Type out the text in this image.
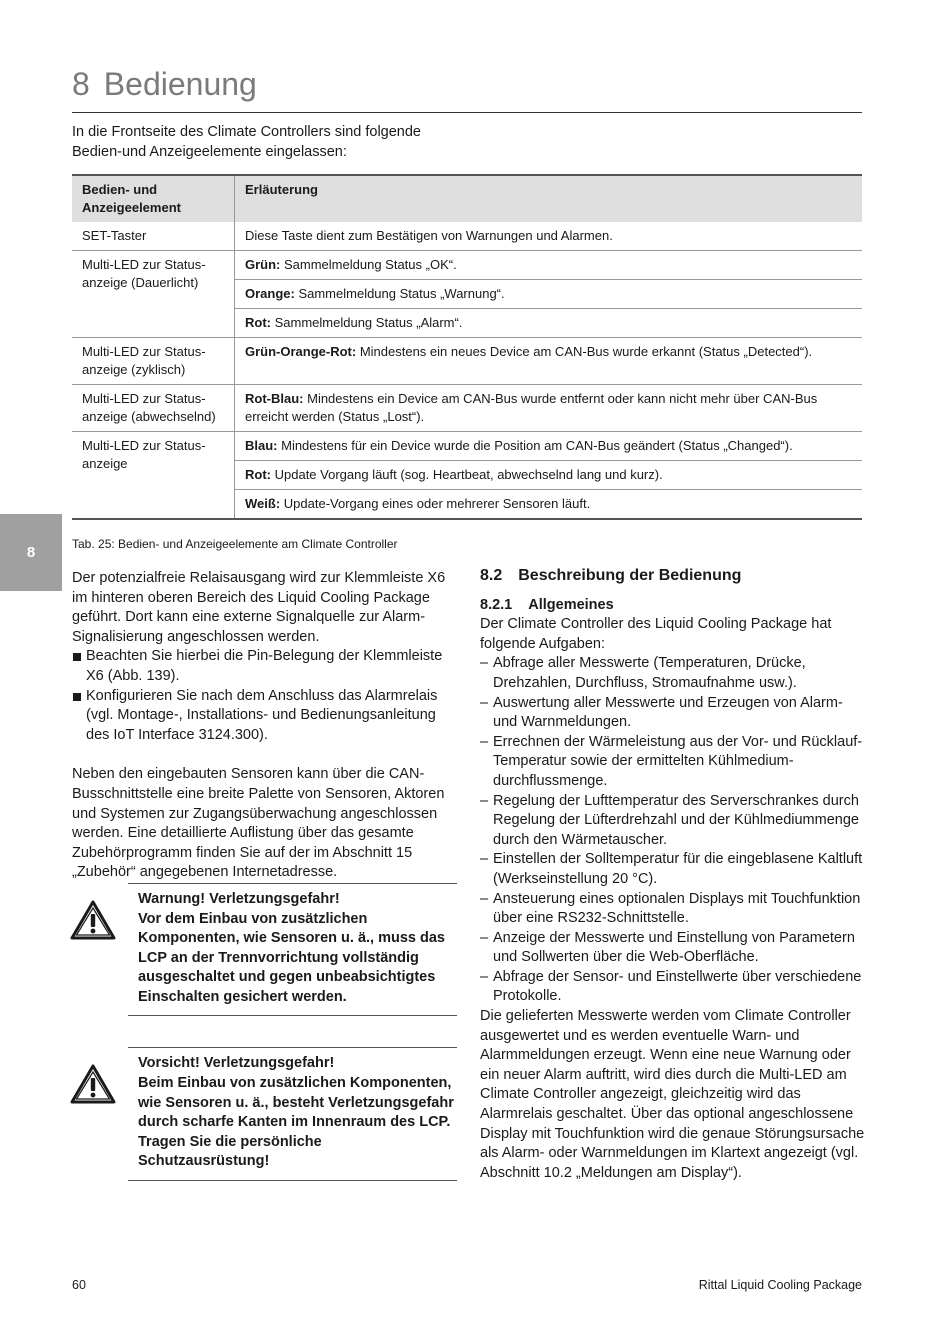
8 Bedienung

In die Frontseite des Climate Controllers sind folgende
Bedien-und Anzeigeelemente eingelassen:

Bedien- und Anzeigeelement	Erläuterung
SET-Taster	Diese Taste dient zum Bestätigen von Warnungen und Alarmen.
Multi-LED zur Status-anzeige (Dauerlicht)	Grün: Sammelmeldung Status „OK“.
	Orange: Sammelmeldung Status „Warnung“.
	Rot: Sammelmeldung Status „Alarm“.
Multi-LED zur Status-anzeige (zyklisch)	Grün-Orange-Rot: Mindestens ein neues Device am CAN-Bus wurde erkannt (Status „Detected“).
Multi-LED zur Status-anzeige (abwechselnd)	Rot-Blau: Mindestens ein Device am CAN-Bus wurde entfernt oder kann nicht mehr über CAN-Bus erreicht werden (Status „Lost“).
Multi-LED zur Status-anzeige	Blau: Mindestens für ein Device wurde die Position am CAN-Bus geändert (Status „Changed“).
	Rot: Update Vorgang läuft (sog. Heartbeat, abwechselnd lang und kurz).
	Weiß: Update-Vorgang eines oder mehrerer Sensoren läuft.

Tab. 25: Bedien- und Anzeigeelemente am Climate Controller

8

Der potenzialfreie Relaisausgang wird zur Klemmleiste X6 im hinteren oberen Bereich des Liquid Cooling Package geführt. Dort kann eine externe Signalquelle zur Alarm-Signalisierung angeschlossen werden.

Beachten Sie hierbei die Pin-Belegung der Klemmleiste X6 (Abb. 139).
Konfigurieren Sie nach dem Anschluss das Alarmrelais (vgl. Montage-, Installations- und Bedienungsanleitung des IoT Interface 3124.300).

Neben den eingebauten Sensoren kann über die CAN-Busschnittstelle eine breite Palette von Sensoren, Aktoren und Systemen zur Zugangsüberwachung angeschlossen werden. Eine detaillierte Auflistung über das gesamte Zubehörprogramm finden Sie auf der im Abschnitt 15 „Zubehör“ angegebenen Internetadresse.

Warnung! Verletzungsgefahr!
Vor dem Einbau von zusätzlichen Komponenten, wie Sensoren u. ä., muss das LCP an der Trennvorrichtung vollständig ausgeschaltet und gegen unbeabsichtigtes Einschalten gesichert werden.
Vorsicht! Verletzungsgefahr!
Beim Einbau von zusätzlichen Komponenten, wie Sensoren u. ä., besteht Verletzungsgefahr durch scharfe Kanten im Innenraum des LCP. Tragen Sie die persönliche Schutzausrüstung!
8.2 Beschreibung der Bedienung
8.2.1 Allgemeines

Der Climate Controller des Liquid Cooling Package hat folgende Aufgaben:

– Abfrage aller Messwerte (Temperaturen, Drücke, Drehzahlen, Durchfluss, Stromaufnahme usw.).
– Auswertung aller Messwerte und Erzeugen von Alarm- und Warnmeldungen.
– Errechnen der Wärmeleistung aus der Vor- und Rücklauf-Temperatur sowie der ermittelten Kühlmedium-durchflussmenge.
– Regelung der Lufttemperatur des Serverschrankes durch Regelung der Lüfterdrehzahl und der Kühlmediummenge durch den Wärmetauscher.
– Einstellen der Solltemperatur für die eingeblasene Kaltluft (Werkseinstellung 20 °C).
– Ansteuerung eines optionalen Displays mit Touchfunktion über eine RS232-Schnittstelle.
– Anzeige der Messwerte und Einstellung von Parametern und Sollwerten über die Web-Oberfläche.
– Abfrage der Sensor- und Einstellwerte über verschiedene Protokolle.

Die gelieferten Messwerte werden vom Climate Controller ausgewertet und es werden eventuelle Warn- und Alarmmeldungen erzeugt. Wenn eine neue Warnung oder ein neuer Alarm auftritt, wird dies durch die Multi-LED am Climate Controller angezeigt, gleichzeitig wird das Alarmrelais geschaltet. Über das optional angeschlossene Display mit Touchfunktion wird die genaue Störungsursache als Alarm- oder Warnmeldungen im Klartext angezeigt (vgl. Abschnitt 10.2 „Meldungen am Display“).

60	Rittal Liquid Cooling Package
